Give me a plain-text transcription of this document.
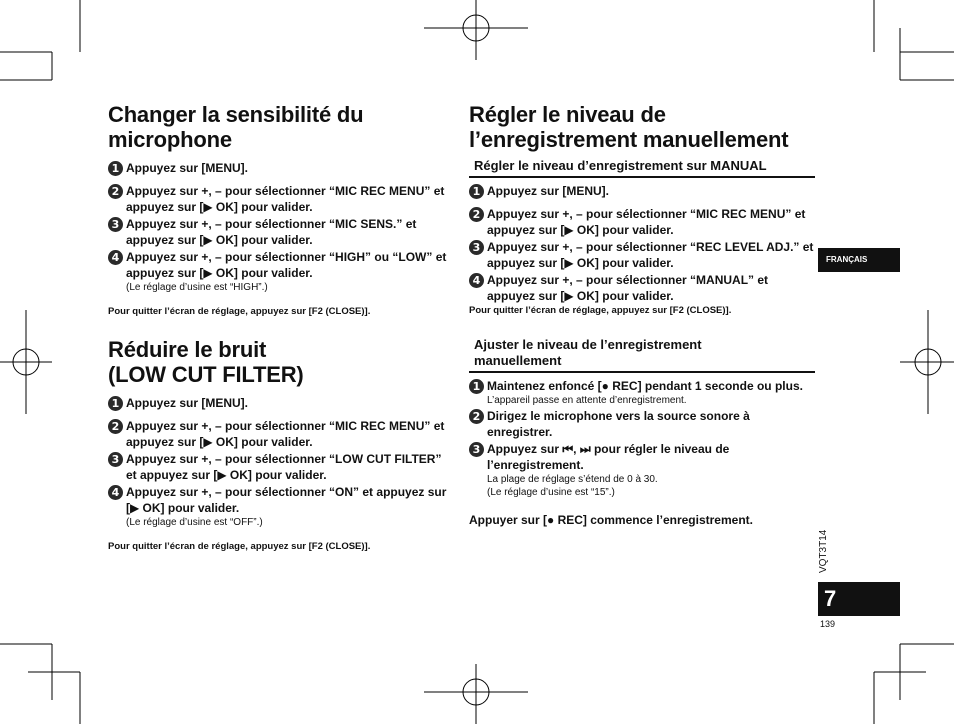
Changer la sensibilité du
microphone
1 Appuyez sur [MENU].
2 Appuyez sur +, – pour sélectionner “MIC REC MENU” et appuyez sur [▶ OK] pour valider.
3 Appuyez sur +, – pour sélectionner “MIC SENS.” et appuyez sur [▶ OK] pour valider.
4 Appuyez sur +, – pour sélectionner “HIGH” ou “LOW” et appuyez sur [▶ OK] pour valider.
(Le réglage d’usine est “HIGH”.)

Pour quitter l’écran de réglage, appuyez sur [F2 (CLOSE)].

Réduire le bruit
(LOW CUT FILTER)
1 Appuyez sur [MENU].
2 Appuyez sur +, – pour sélectionner “MIC REC MENU” et appuyez sur [▶ OK] pour valider.
3 Appuyez sur +, – pour sélectionner “LOW CUT FILTER” et appuyez sur [▶ OK] pour valider.
4 Appuyez sur +, – pour sélectionner “ON” et appuyez sur [▶ OK] pour valider.
(Le réglage d’usine est “OFF”.)

Pour quitter l’écran de réglage, appuyez sur [F2 (CLOSE)].

Régler le niveau de
l’enregistrement manuellement
Régler le niveau d’enregistrement sur MANUAL
1 Appuyez sur [MENU].
2 Appuyez sur +, – pour sélectionner “MIC REC MENU” et appuyez sur [▶ OK] pour valider.
3 Appuyez sur +, – pour sélectionner “REC LEVEL ADJ.” et appuyez sur [▶ OK] pour valider.
4 Appuyez sur +, – pour sélectionner “MANUAL” et appuyez sur [▶ OK] pour valider.

Pour quitter l’écran de réglage, appuyez sur [F2 (CLOSE)].

Ajuster le niveau de l’enregistrement
manuellement
1 Maintenez enfoncé [● REC] pendant 1 seconde ou plus.
L’appareil passe en attente d’enregistrement.
2 Dirigez le microphone vers la source sonore à enregistrer.
3 Appuyez sur ⏮, ⏭ pour régler le niveau de l’enregistrement.
La plage de réglage s’étend de 0 à 30.
(Le réglage d’usine est “15”.)

Appuyer sur [● REC] commence l’enregistrement.

FRANÇAIS
VQT3T14
7
139
